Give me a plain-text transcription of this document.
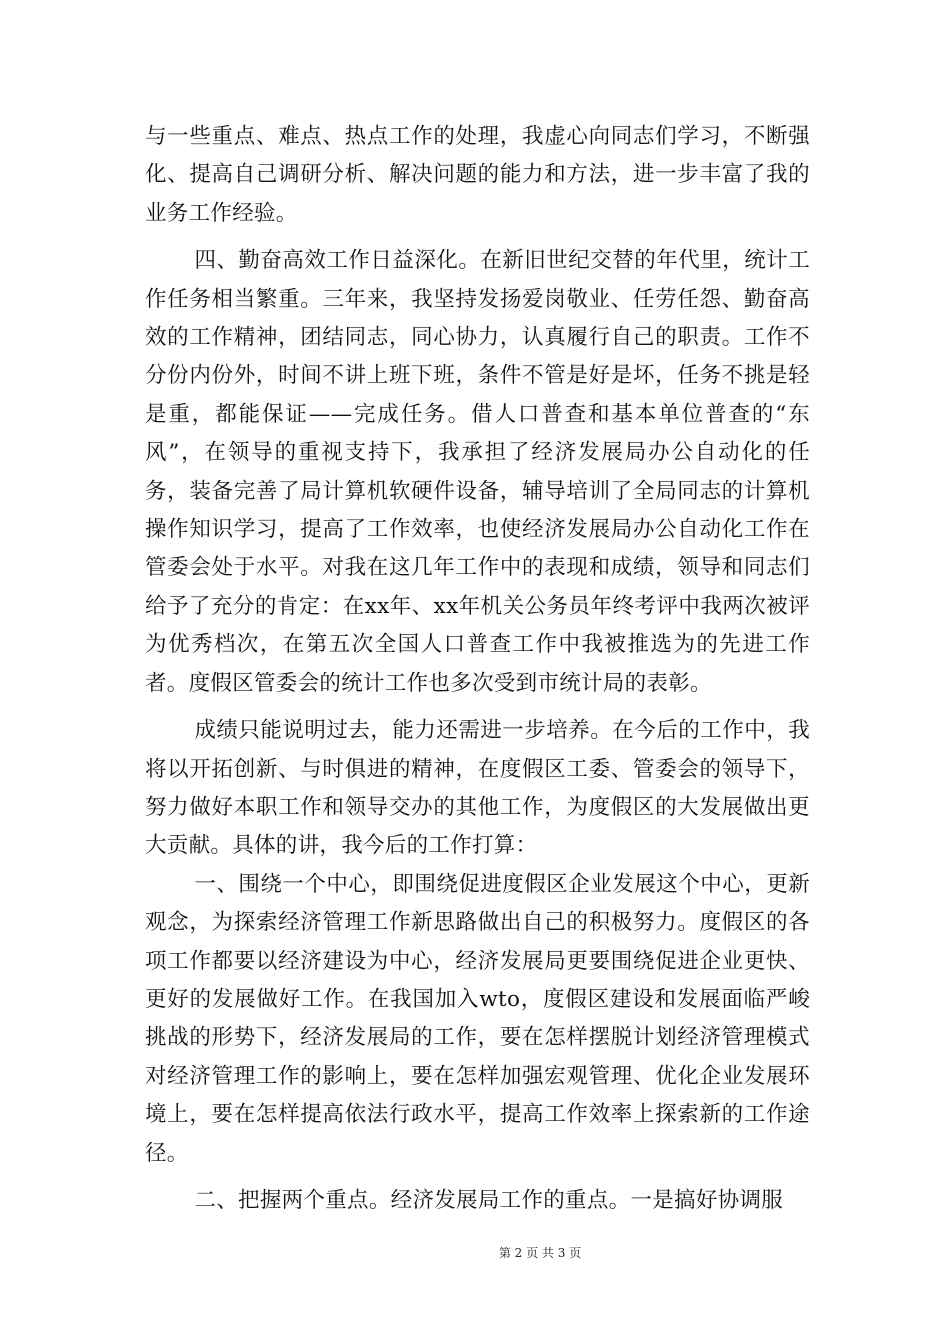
与一些重点、难点、热点工作的处理，我虚心向同志们学习，不断强化、提高自己调研分析、解决问题的能力和方法，进一步丰富了我的业务工作经验。

四、勤奋高效工作日益深化。在新旧世纪交替的年代里，统计工作任务相当繁重。三年来，我坚持发扬爱岗敬业、任劳任怨、勤奋高效的工作精神，团结同志，同心协力，认真履行自己的职责。工作不分份内份外，时间不讲上班下班，条件不管是好是坏，任务不挑是轻是重，都能保证——完成任务。借人口普查和基本单位普查的“东风”，在领导的重视支持下，我承担了经济发展局办公自动化的任务，装备完善了局计算机软硬件设备，辅导培训了全局同志的计算机操作知识学习，提高了工作效率，也使经济发展局办公自动化工作在管委会处于水平。对我在这几年工作中的表现和成绩，领导和同志们给予了充分的肯定：在xx年、xx年机关公务员年终考评中我两次被评为优秀档次，在第五次全国人口普查工作中我被推选为的先进工作者。度假区管委会的统计工作也多次受到市统计局的表彰。

成绩只能说明过去，能力还需进一步培养。在今后的工作中，我将以开拓创新、与时俱进的精神，在度假区工委、管委会的领导下，努力做好本职工作和领导交办的其他工作，为度假区的大发展做出更大贡献。具体的讲，我今后的工作打算：

一、围绕一个中心，即围绕促进度假区企业发展这个中心，更新观念，为探索经济管理工作新思路做出自己的积极努力。度假区的各项工作都要以经济建设为中心，经济发展局更要围绕促进企业更快、更好的发展做好工作。在我国加入wto，度假区建设和发展面临严峻挑战的形势下，经济发展局的工作，要在怎样摆脱计划经济管理模式对经济管理工作的影响上，要在怎样加强宏观管理、优化企业发展环境上，要在怎样提高依法行政水平，提高工作效率上探索新的工作途径。

二、把握两个重点。经济发展局工作的重点。一是搞好协调服

第 2 页 共 3 页
